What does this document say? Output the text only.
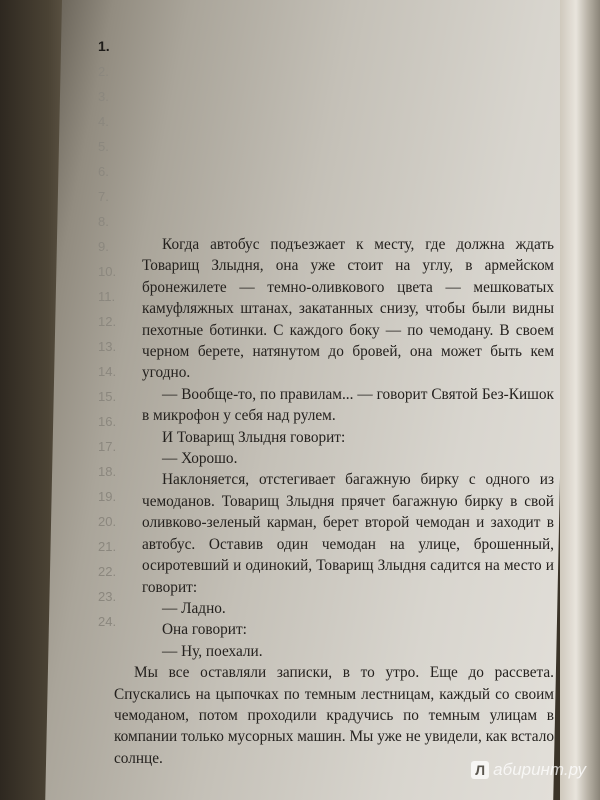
1.
2.
3.
4.
5.
6.
7.
8.
9.
10.
11.
12.
13.
14.
15.
16.
17.
18.
19.
20.
21.
22.
23.
24.

Когда автобус подъезжает к месту, где должна ждать Товарищ Злыдня, она уже стоит на углу, в армейском бронежилете — темно-оливкового цвета — мешковатых камуфляжных штанах, закатанных снизу, чтобы были видны пехотные ботинки. С каждого боку — по чемодану. В своем черном берете, натянутом до бровей, она может быть кем угодно.

— Вообще-то, по правилам... — говорит Святой Без-Кишок в микрофон у себя над рулем.

И Товарищ Злыдня говорит:

— Хорошо.

Наклоняется, отстегивает багажную бирку с одного из чемоданов. Товарищ Злыдня прячет багажную бирку в свой оливково-зеленый карман, берет второй чемодан и заходит в автобус. Оставив один чемодан на улице, брошенный, осиротевший и одинокий, Товарищ Злыдня садится на место и говорит:

— Ладно.

Она говорит:

— Ну, поехали.

Мы все оставляли записки, в то утро. Еще до рассвета. Спускались на цыпочках по темным лестницам, каждый со своим чемоданом, потом проходили крадучись по темным улицам в компании только мусорных машин. Мы уже не увидели, как встало солнце.

Л абиринт.ру
